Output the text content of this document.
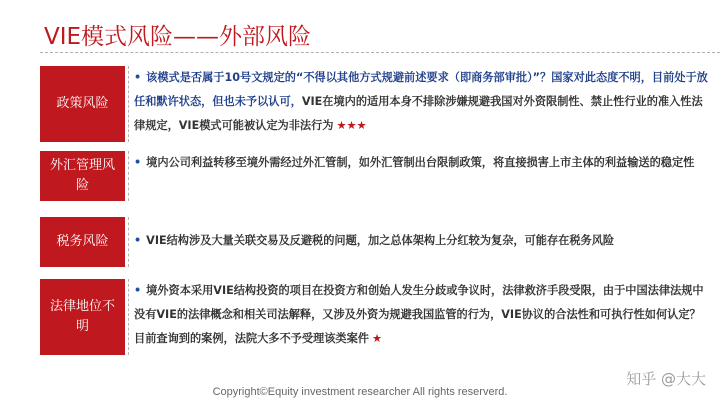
VIE模式风险——外部风险
政策风险
• 该模式是否属于10号文规定的“不得以其他方式规避前述要求（即商务部审批）”？国家对此态度不明，目前处于放任和默许状态，但也未予以认可，VIE在境内的适用本身不排除涉嫌规避我国对外资限制性、禁止性行业的准入性法律规定，VIE模式可能被认定为非法行为 ★★★
外汇管理风险
• 境内公司利益转移至境外需经过外汇管制，如外汇管制出台限制政策，将直接损害上市主体的利益输送的稳定性
税务风险	• VIE结构涉及大量关联交易及反避税的问题，加之总体架构上分红较为复杂，可能存在税务风险
法律地位不明
• 境外资本采用VIE结构投资的项目在投资方和创始人发生分歧或争议时，法律救济手段受限，由于中国法律法规中没有VIE的法律概念和相关司法解释，又涉及外资为规避我国监管的行为，VIE协议的合法性和可执行性如何认定？目前查询到的案例，法院大多不予受理该类案件 ★
Copyright©Equity investment researcher All rights reserverd.
知乎 @大大
